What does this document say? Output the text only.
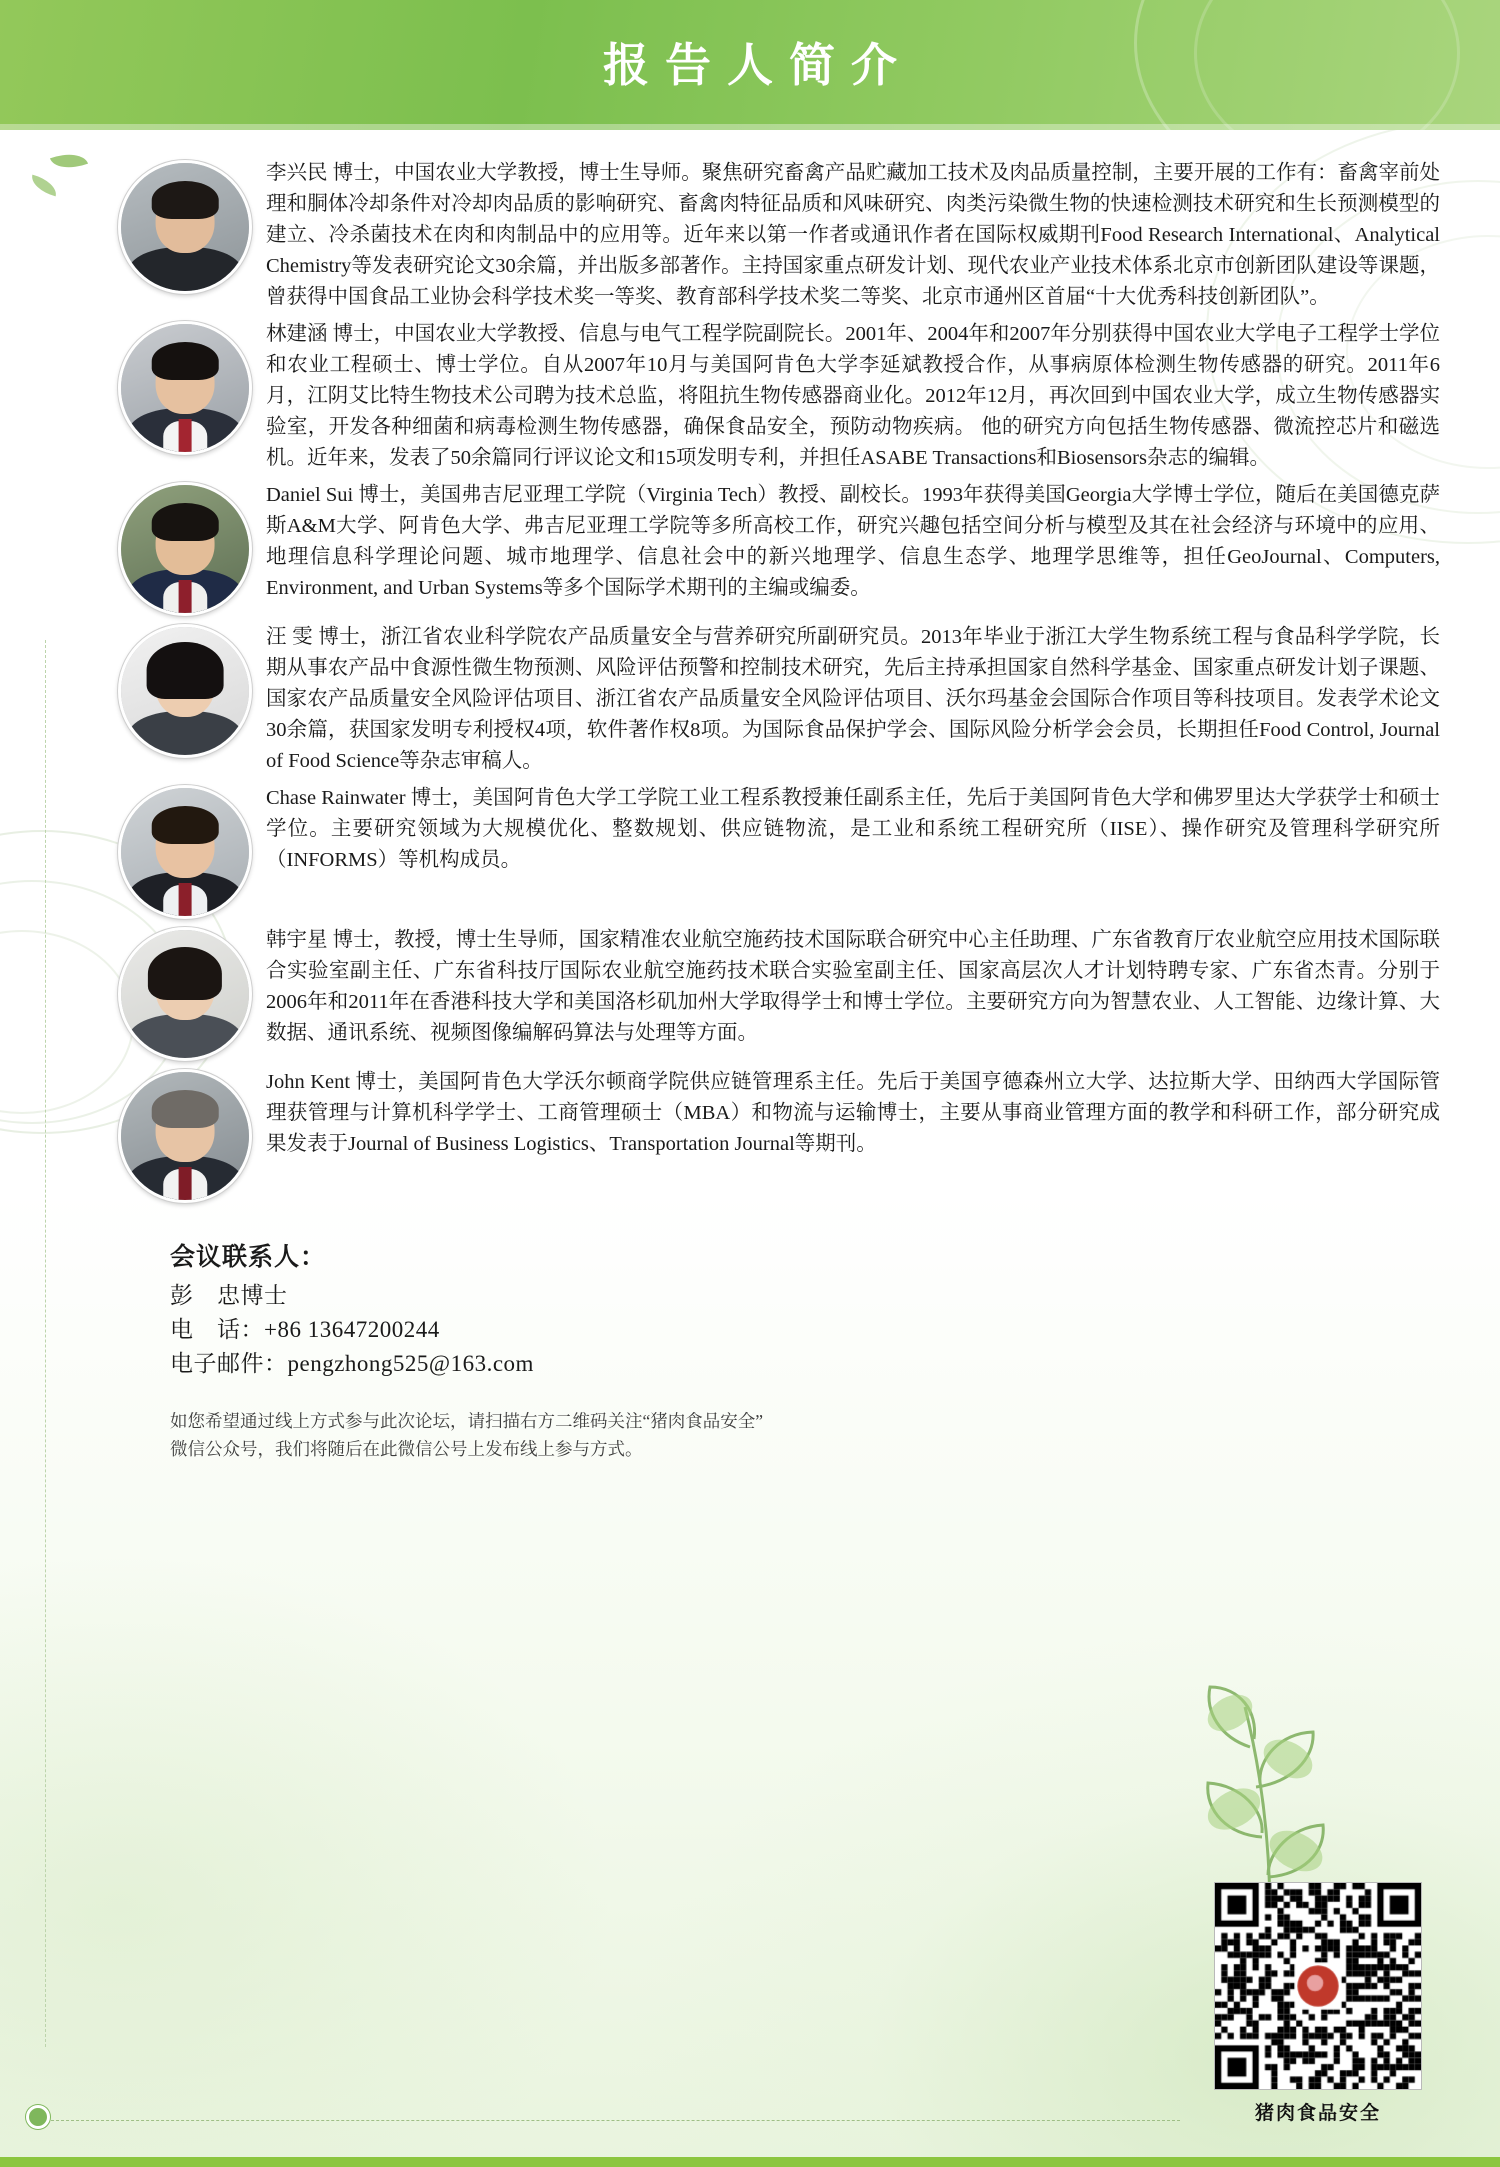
报告人简介
李兴民 博士，中国农业大学教授，博士生导师。聚焦研究畜禽产品贮藏加工技术及肉品质量控制，主要开展的工作有：畜禽宰前处理和胴体冷却条件对冷却肉品质的影响研究、畜禽肉特征品质和风味研究、肉类污染微生物的快速检测技术研究和生长预测模型的建立、冷杀菌技术在肉和肉制品中的应用等。近年来以第一作者或通讯作者在国际权威期刊Food Research International、Analytical Chemistry等发表研究论文30余篇，并出版多部著作。主持国家重点研发计划、现代农业产业技术体系北京市创新团队建设等课题，曾获得中国食品工业协会科学技术奖一等奖、教育部科学技术奖二等奖、北京市通州区首届“十大优秀科技创新团队”。
林建涵 博士，中国农业大学教授、信息与电气工程学院副院长。2001年、2004年和2007年分别获得中国农业大学电子工程学士学位和农业工程硕士、博士学位。自从2007年10月与美国阿肯色大学李延斌教授合作，从事病原体检测生物传感器的研究。2011年6月，江阴艾比特生物技术公司聘为技术总监，将阻抗生物传感器商业化。2012年12月，再次回到中国农业大学，成立生物传感器实验室，开发各种细菌和病毒检测生物传感器，确保食品安全，预防动物疾病。 他的研究方向包括生物传感器、微流控芯片和磁选机。近年来，发表了50余篇同行评议论文和15项发明专利，并担任ASABE Transactions和Biosensors杂志的编辑。
Daniel Sui 博士，美国弗吉尼亚理工学院（Virginia Tech）教授、副校长。1993年获得美国Georgia大学博士学位，随后在美国德克萨斯A&M大学、阿肯色大学、弗吉尼亚理工学院等多所高校工作，研究兴趣包括空间分析与模型及其在社会经济与环境中的应用、地理信息科学理论问题、城市地理学、信息社会中的新兴地理学、信息生态学、地理学思维等，担任GeoJournal、Computers, Environment, and Urban Systems等多个国际学术期刊的主编或编委。
汪 雯 博士，浙江省农业科学院农产品质量安全与营养研究所副研究员。2013年毕业于浙江大学生物系统工程与食品科学学院，长期从事农产品中食源性微生物预测、风险评估预警和控制技术研究，先后主持承担国家自然科学基金、国家重点研发计划子课题、国家农产品质量安全风险评估项目、浙江省农产品质量安全风险评估项目、沃尔玛基金会国际合作项目等科技项目。发表学术论文30余篇，获国家发明专利授权4项，软件著作权8项。为国际食品保护学会、国际风险分析学会会员，长期担任Food Control, Journal of Food Science等杂志审稿人。
Chase Rainwater 博士，美国阿肯色大学工学院工业工程系教授兼任副系主任，先后于美国阿肯色大学和佛罗里达大学获学士和硕士学位。主要研究领域为大规模优化、整数规划、供应链物流，是工业和系统工程研究所（IISE）、操作研究及管理科学研究所（INFORMS）等机构成员。
韩宇星 博士，教授，博士生导师，国家精准农业航空施药技术国际联合研究中心主任助理、广东省教育厅农业航空应用技术国际联合实验室副主任、广东省科技厅国际农业航空施药技术联合实验室副主任、国家高层次人才计划特聘专家、广东省杰青。分别于2006年和2011年在香港科技大学和美国洛杉矶加州大学取得学士和博士学位。主要研究方向为智慧农业、人工智能、边缘计算、大数据、通讯系统、视频图像编解码算法与处理等方面。
John Kent 博士，美国阿肯色大学沃尔顿商学院供应链管理系主任。先后于美国亨德森州立大学、达拉斯大学、田纳西大学国际管理获管理与计算机科学学士、工商管理硕士（MBA）和物流与运输博士，主要从事商业管理方面的教学和科研工作，部分研究成果发表于Journal of Business Logistics、Transportation Journal等期刊。
会议联系人：
彭　忠博士
电　话：+86 13647200244
电子邮件：pengzhong525@163.com
如您希望通过线上方式参与此次论坛，请扫描右方二维码关注“猪肉食品安全”
微信公众号，我们将随后在此微信公号上发布线上参与方式。
猪肉食品安全
